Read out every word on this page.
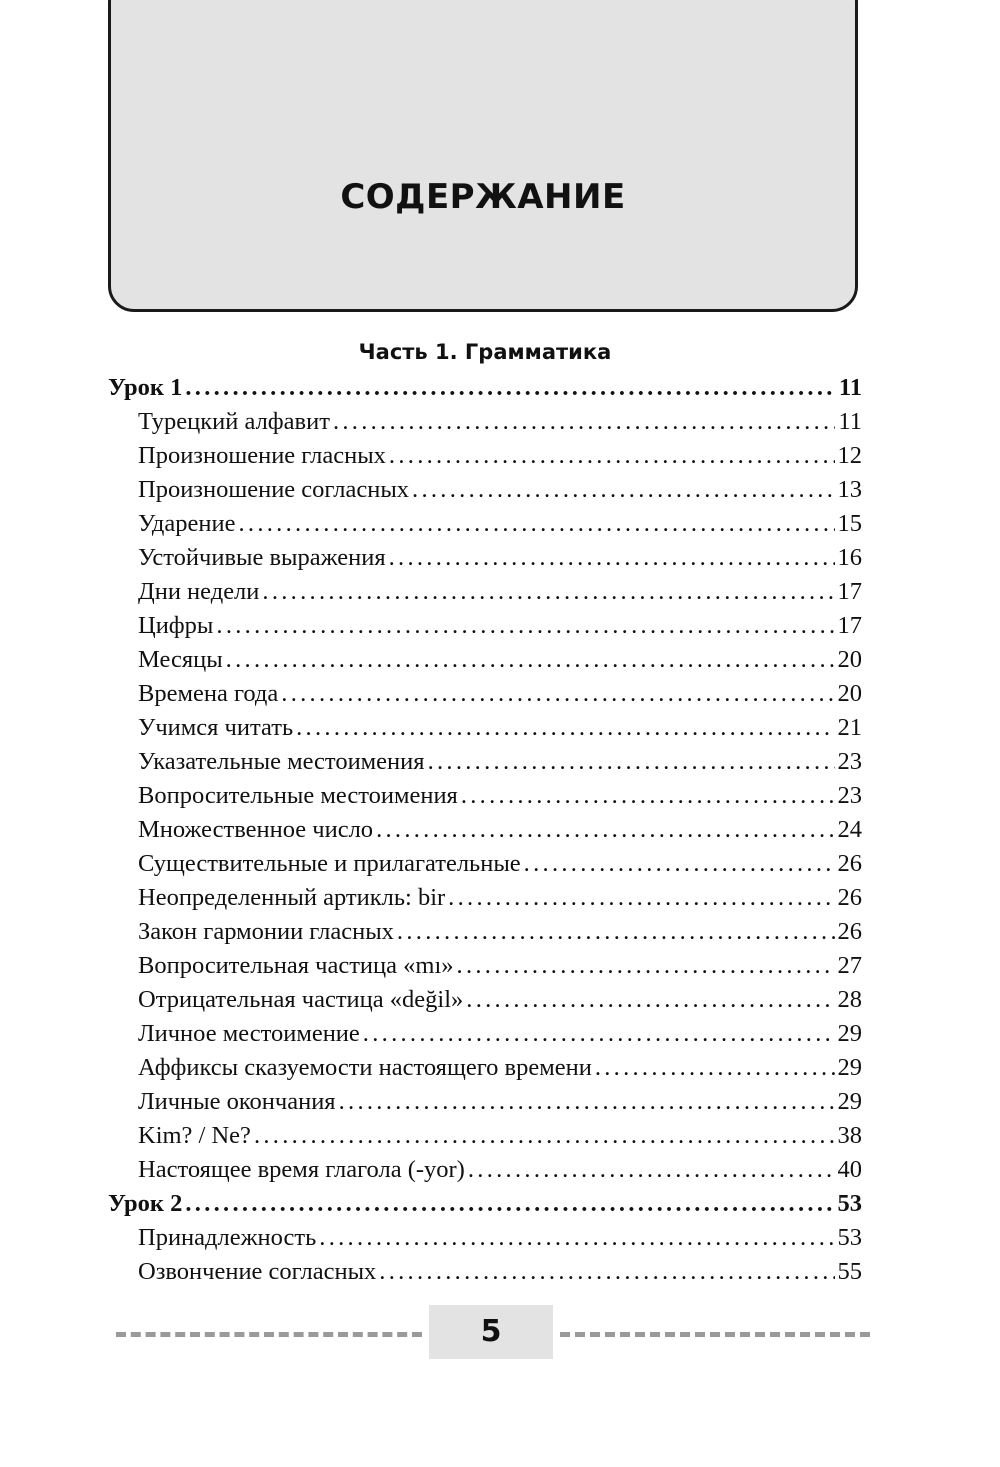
СОДЕРЖАНИЕ
Часть 1. Грамматика
Урок 1 .....	11
Турецкий алфавит .....	11
Произношение гласных .....	12
Произношение согласных .....	13
Ударение .....	15
Устойчивые выражения .....	16
Дни недели .....	17
Цифры .....	17
Месяцы .....	20
Времена года .....	20
Учимся читать .....	21
Указательные местоимения .....	23
Вопросительные местоимения .....	23
Множественное число .....	24
Существительные и прилагательные .....	26
Неопределенный артикль: bir .....	26
Закон гармонии гласных .....	26
Вопросительная частица «mı» .....	27
Отрицательная частица «değil» .....	28
Личное местоимение .....	29
Аффиксы сказуемости настоящего времени .....	29
Личные окончания .....	29
Kim? / Ne? .....	38
Настоящее время глагола (-yor) .....	40
Урок 2 .....	53
Принадлежность .....	53
Озвончение согласных .....	55
5
